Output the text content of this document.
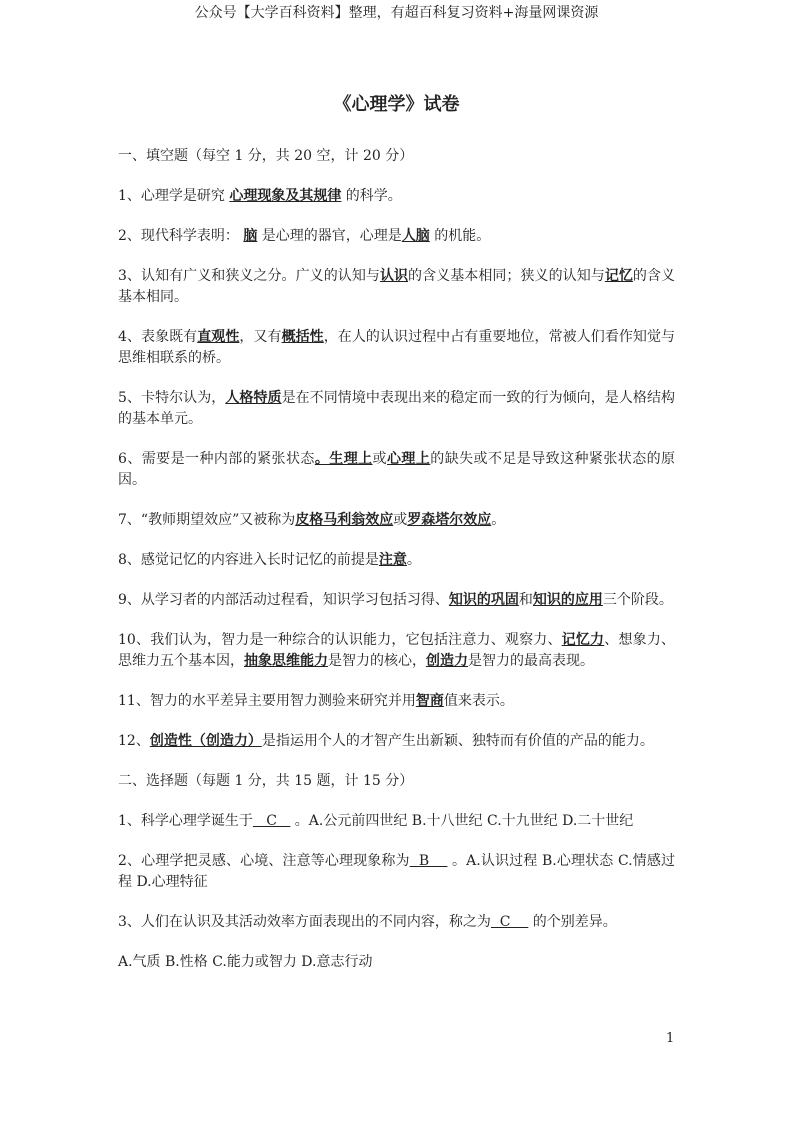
公众号【大学百科资料】整理，有超百科复习资料+海量网课资源
《心理学》试卷

一、填空题（每空 1 分，共 20 空，计 20 分）

1、心理学是研究 心理现象及其规律 的科学。

2、现代科学表明： 脑 是心理的器官，心理是人脑 的机能。

3、认知有广义和狭义之分。广义的认知与认识的含义基本相同；狭义的认知与记忆的含义基本相同。

4、表象既有直观性，又有概括性，在人的认识过程中占有重要地位，常被人们看作知觉与思维相联系的桥。

5、卡特尔认为，人格特质是在不同情境中表现出来的稳定而一致的行为倾向，是人格结构的基本单元。

6、需要是一种内部的紧张状态。生理上或心理上的缺失或不足是导致这种紧张状态的原因。

7、“教师期望效应”又被称为皮格马利翁效应或罗森塔尔效应。

8、感觉记忆的内容进入长时记忆的前提是注意。

9、从学习者的内部活动过程看，知识学习包括习得、知识的巩固和知识的应用三个阶段。

10、我们认为，智力是一种综合的认识能力，它包括注意力、观察力、记忆力、想象力、思维力五个基本因，抽象思维能力是智力的核心，创造力是智力的最高表现。

11、智力的水平差异主要用智力测验来研究并用智商值来表示。

12、创造性（创造力）是指运用个人的才智产生出新颖、独特而有价值的产品的能力。

二、选择题（每题 1 分，共 15 题，计 15 分）

1、科学心理学诞生于   C    。A.公元前四世纪 B.十八世纪 C.十九世纪 D.二十世纪

2、心理学把灵感、心境、注意等心理现象称为  B     。A.认识过程 B.心理状态 C.情感过程 D.心理特征

3、人们在认识及其活动效率方面表现出的不同内容，称之为  C     的个别差异。

A.气质 B.性格 C.能力或智力 D.意志行动

1
